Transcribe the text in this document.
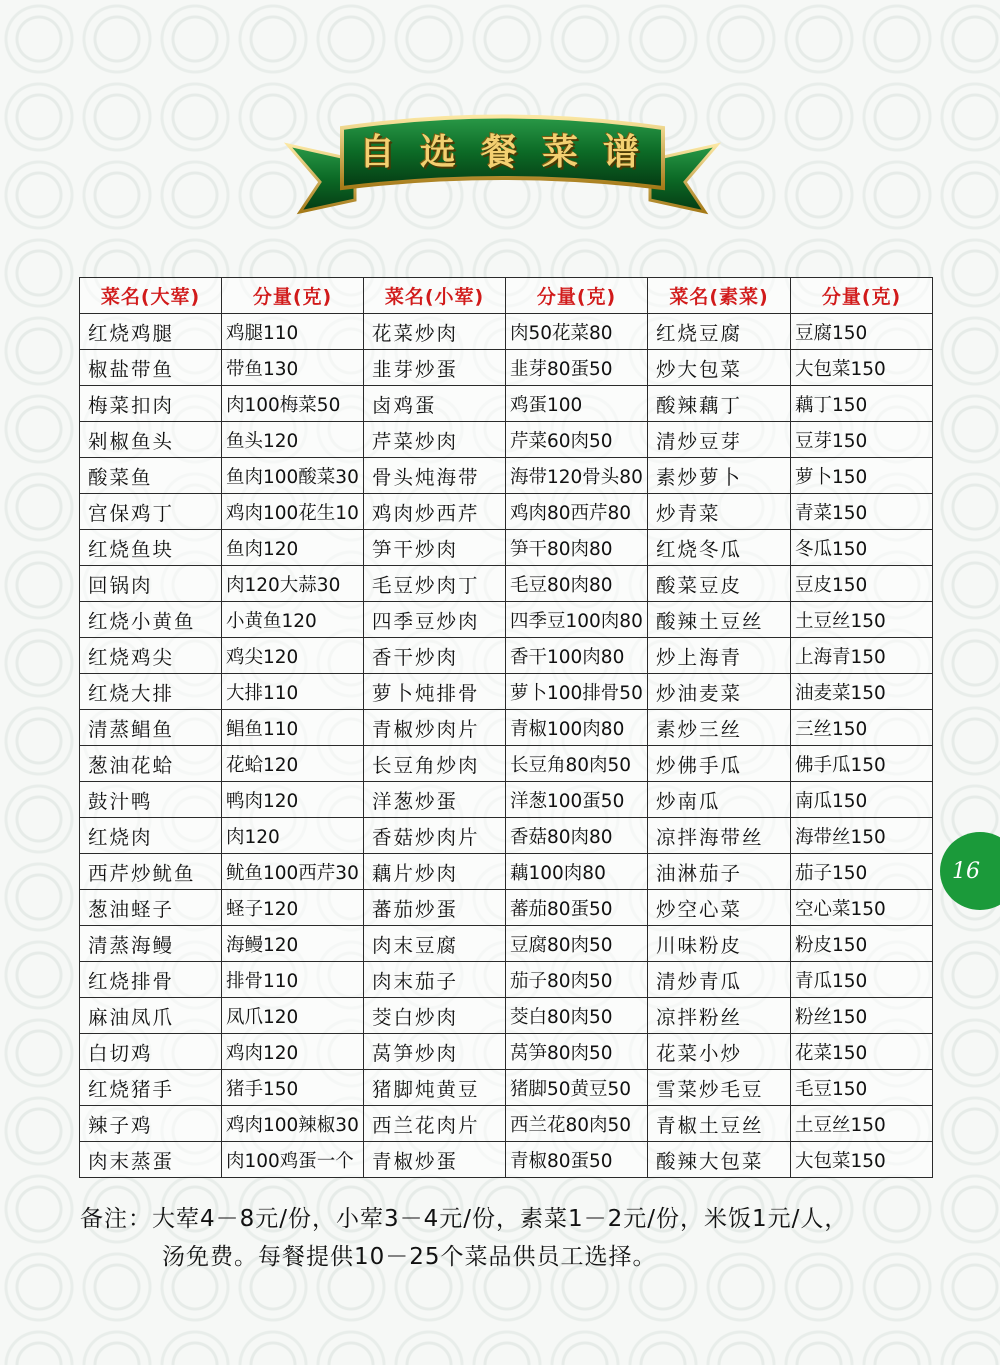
自 选 餐 菜 谱
菜名(大荤)	分量(克)	菜名(小荤)	分量(克)	菜名(素菜)	分量(克)
红烧鸡腿	鸡腿110	花菜炒肉	肉50花菜80	红烧豆腐	豆腐150
椒盐带鱼	带鱼130	韭芽炒蛋	韭芽80蛋50	炒大包菜	大包菜150
梅菜扣肉	肉100梅菜50	卤鸡蛋	鸡蛋100	酸辣藕丁	藕丁150
剁椒鱼头	鱼头120	芹菜炒肉	芹菜60肉50	清炒豆芽	豆芽150
酸菜鱼	鱼肉100酸菜30	骨头炖海带	海带120骨头80	素炒萝卜	萝卜150
宫保鸡丁	鸡肉100花生10	鸡肉炒西芹	鸡肉80西芹80	炒青菜	青菜150
红烧鱼块	鱼肉120	笋干炒肉	笋干80肉80	红烧冬瓜	冬瓜150
回锅肉	肉120大蒜30	毛豆炒肉丁	毛豆80肉80	酸菜豆皮	豆皮150
红烧小黄鱼	小黄鱼120	四季豆炒肉	四季豆100肉80	酸辣土豆丝	土豆丝150
红烧鸡尖	鸡尖120	香干炒肉	香干100肉80	炒上海青	上海青150
红烧大排	大排110	萝卜炖排骨	萝卜100排骨50	炒油麦菜	油麦菜150
清蒸鲳鱼	鲳鱼110	青椒炒肉片	青椒100肉80	素炒三丝	三丝150
葱油花蛤	花蛤120	长豆角炒肉	长豆角80肉50	炒佛手瓜	佛手瓜150
鼓汁鸭	鸭肉120	洋葱炒蛋	洋葱100蛋50	炒南瓜	南瓜150
红烧肉	肉120	香菇炒肉片	香菇80肉80	凉拌海带丝	海带丝150
西芹炒鱿鱼	鱿鱼100西芹30	藕片炒肉	藕100肉80	油淋茄子	茄子150
葱油蛏子	蛏子120	蕃茄炒蛋	蕃茄80蛋50	炒空心菜	空心菜150
清蒸海鳗	海鳗120	肉末豆腐	豆腐80肉50	川味粉皮	粉皮150
红烧排骨	排骨110	肉末茄子	茄子80肉50	清炒青瓜	青瓜150
麻油凤爪	凤爪120	茭白炒肉	茭白80肉50	凉拌粉丝	粉丝150
白切鸡	鸡肉120	莴笋炒肉	莴笋80肉50	花菜小炒	花菜150
红烧猪手	猪手150	猪脚炖黄豆	猪脚50黄豆50	雪菜炒毛豆	毛豆150
辣子鸡	鸡肉100辣椒30	西兰花肉片	西兰花80肉50	青椒土豆丝	土豆丝150
肉末蒸蛋	肉100鸡蛋一个	青椒炒蛋	青椒80蛋50	酸辣大包菜	大包菜150
备注：大荤4－8元/份，小荤3－4元/份，素菜1－2元/份，米饭1元/人，
汤免费。每餐提供10－25个菜品供员工选择。
16
